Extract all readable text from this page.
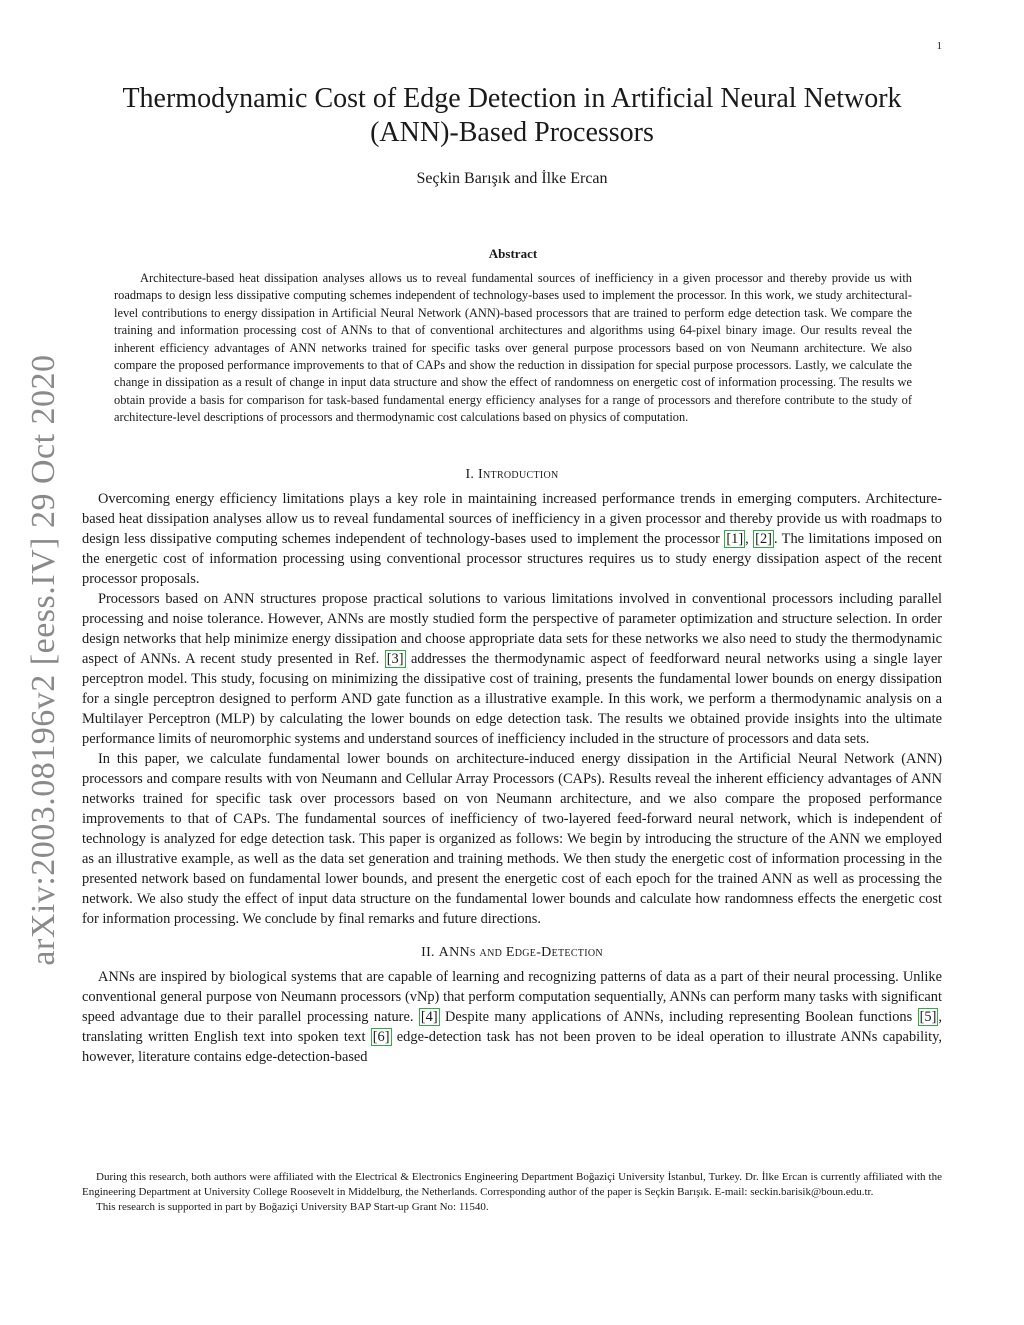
1
arXiv:2003.08196v2 [eess.IV] 29 Oct 2020
Thermodynamic Cost of Edge Detection in Artificial Neural Network
(ANN)-Based Processors
Seçkin Barışık and İlke Ercan
Abstract

Architecture-based heat dissipation analyses allows us to reveal fundamental sources of inefficiency in a given processor and thereby provide us with roadmaps to design less dissipative computing schemes independent of technology-bases used to implement the processor. In this work, we study architectural-level contributions to energy dissipation in Artificial Neural Network (ANN)-based processors that are trained to perform edge detection task. We compare the training and information processing cost of ANNs to that of conventional architectures and algorithms using 64-pixel binary image. Our results reveal the inherent efficiency advantages of ANN networks trained for specific tasks over general purpose processors based on von Neumann architecture. We also compare the proposed performance improvements to that of CAPs and show the reduction in dissipation for special purpose processors. Lastly, we calculate the change in dissipation as a result of change in input data structure and show the effect of randomness on energetic cost of information processing. The results we obtain provide a basis for comparison for task-based fundamental energy efficiency analyses for a range of processors and therefore contribute to the study of architecture-level descriptions of processors and thermodynamic cost calculations based on physics of computation.

I. Introduction

Overcoming energy efficiency limitations plays a key role in maintaining increased performance trends in emerging computers. Architecture-based heat dissipation analyses allow us to reveal fundamental sources of inefficiency in a given processor and thereby provide us with roadmaps to design less dissipative computing schemes independent of technology-bases used to implement the processor [1] , [2] . The limitations imposed on the energetic cost of information processing using conventional processor structures requires us to study energy dissipation aspect of the recent processor proposals.

Processors based on ANN structures propose practical solutions to various limitations involved in conventional processors including parallel processing and noise tolerance. However, ANNs are mostly studied form the perspective of parameter optimization and structure selection. In order design networks that help minimize energy dissipation and choose appropriate data sets for these networks we also need to study the thermodynamic aspect of ANNs. A recent study presented in Ref. [3] addresses the thermodynamic aspect of feedforward neural networks using a single layer perceptron model. This study, focusing on minimizing the dissipative cost of training, presents the fundamental lower bounds on energy dissipation for a single perceptron designed to perform AND gate function as a illustrative example. In this work, we perform a thermodynamic analysis on a Multilayer Perceptron (MLP) by calculating the lower bounds on edge detection task. The results we obtained provide insights into the ultimate performance limits of neuromorphic systems and understand sources of inefficiency included in the structure of processors and data sets.

In this paper, we calculate fundamental lower bounds on architecture-induced energy dissipation in the Artificial Neural Network (ANN) processors and compare results with von Neumann and Cellular Array Processors (CAPs). Results reveal the inherent efficiency advantages of ANN networks trained for specific task over processors based on von Neumann architecture, and we also compare the proposed performance improvements to that of CAPs. The fundamental sources of inefficiency of two-layered feed-forward neural network, which is independent of technology is analyzed for edge detection task. This paper is organized as follows: We begin by introducing the structure of the ANN we employed as an illustrative example, as well as the data set generation and training methods. We then study the energetic cost of information processing in the presented network based on fundamental lower bounds, and present the energetic cost of each epoch for the trained ANN as well as processing the network. We also study the effect of input data structure on the fundamental lower bounds and calculate how randomness effects the energetic cost for information processing. We conclude by final remarks and future directions.

II. ANNs and Edge-Detection

ANNs are inspired by biological systems that are capable of learning and recognizing patterns of data as a part of their neural processing. Unlike conventional general purpose von Neumann processors (vNp) that perform computation sequentially, ANNs can perform many tasks with significant speed advantage due to their parallel processing nature. [4] Despite many applications of ANNs, including representing Boolean functions [5] , translating written English text into spoken text [6] edge-detection task has not been proven to be ideal operation to illustrate ANNs capability, however, literature contains edge-detection-based

During this research, both authors were affiliated with the Electrical & Electronics Engineering Department Boğaziçi University İstanbul, Turkey. Dr. İlke Ercan is currently affiliated with the Engineering Department at University College Roosevelt in Middelburg, the Netherlands. Corresponding author of the paper is Seçkin Barışık. E-mail: seckin.barisik@boun.edu.tr.

This research is supported in part by Boğaziçi University BAP Start-up Grant No: 11540.
